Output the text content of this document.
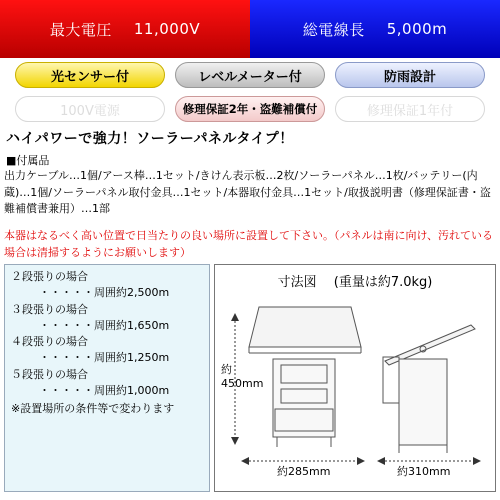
最大電圧 11,000V	総電線長 5,000m
光センサー付	レベルメーター付	防雨設計
100V電源	修理保証2年・盗難補償付	修理保証1年付
ハイパワーで強力！ソーラーパネルタイプ！
■付属品
出力ケーブル…1個/アース棒…1セット/きけん表示板…2枚/ソーラーパネル…1枚/バッテリー(内蔵)…1個/ソーラーパネル取付金具…1セット/本器取付金具…1セット/取扱説明書（修理保証書・盗難補償書兼用）…1部
本器はなるべく高い位置で日当たりの良い場所に設置して下さい。（パネルは南に向け、汚れている場合は清掃するようにお願いします）
２段張りの場合
・・・・・周囲約2,500m
３段張りの場合
・・・・・周囲約1,650m
４段張りの場合
・・・・・周囲約1,250m
５段張りの場合
・・・・・周囲約1,000m
※設置場所の条件等で変わります
寸法図　 (重量は約7.0kg)
約450mm
約285mm	約310mm
